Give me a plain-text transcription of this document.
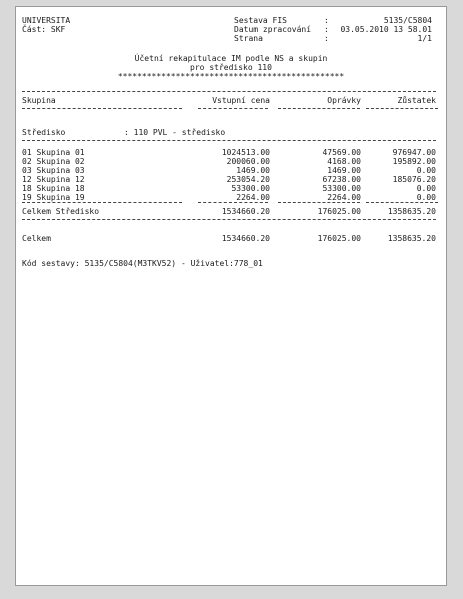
UNIVERSITA
Část: SKF
Sestava FIS	:	5135/C5804
Datum zpracování : 03.05.2010 13 58.01
Strana	:	1/1
Účetní rekapitulace IM podle NS a skupin
pro středisko 110
***********************************************
Skupina	Vstupní cena	Oprávky	Zůstatek
Středisko	: 110 PVL - středisko
Celkem Středisko	1534660.20	176025.00	1358635.20
Celkem	1534660.20	176025.00	1358635.20
Kód sestavy: 5135/C5804(M3TKV52) - Uživatel:778_01
01 Skupina 01	1024513.00	47569.00	976947.00
02 Skupina 02	200060.00	4168.00	195892.00
03 Skupina 03	1469.00	1469.00	0.00
12 Skupina 12	253054.20	67238.00	185076.20
18 Skupina 18	53300.00	53300.00	0.00
19 Skupina 19	2264.00	2264.00	0.00
